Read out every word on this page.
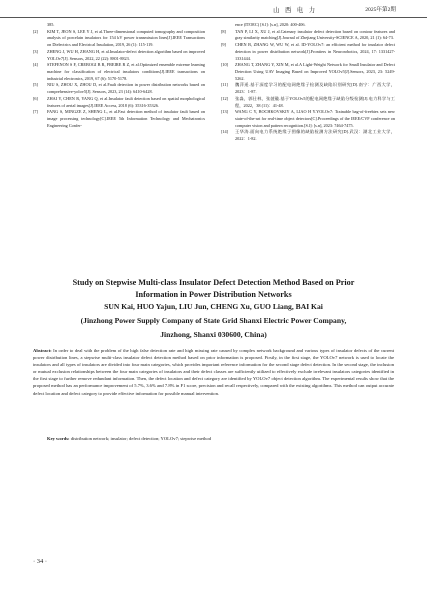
山 西 电 力	2025年第2期
385.
[2] KIM T, JEON S, LEE Y J, et al.Three-dimensional computed tomography and composition analysis of porcelain insulators for 154 kV power transmission lines[J].IEEE Transactions on Dielectrics and Electrical Insulation, 2019, 26 (1): 115-119.
[3] ZHENG J, WU H, ZHANG H, et al.Insulator-defect detection algorithm based on improved YOLOv7[J]. Sensors, 2022, 22 (22): 8801-8823.
[4] STEFENON S F, CREBOGI B R, FREIRE R Z, et al.Optimized ensemble extreme learning machine for classification of electrical insulators conditions[J].IEEE transactions on industrial electronics, 2019, 67 (6): 5170-5178.
[5] NIU S, ZHOU X, ZHOU D, et al.Fault detection in power distribution networks based on comprehensive-yolov5[J]. Sensors, 2023, 23 (14): 6410-6428.
[6] ZHAI Y, CHEN R, YANG Q, et al.Insulator fault detection based on spatial morphological features of aerial images[J].IEEE Access, 2018 (6): 35316-35326.
[7] FANG S, MINGZE Z, SHENG L, et al.Fast detection method of insulator fault based on image processing technology[C].IEEE 5th Information Technology and Mechatronics Engineering Confer-
ence (ITOEC) [S.l]: [s.n], 2020: 400-406.
[8] TAN P, LI X, XU J, et al.Catenary insulator defect detection based on contour features and gray similarity matching[J].Journal of Zhejiang University-SCIENCE A, 2020, 21 (1): 64-73.
[9] CHEN B, ZHANG W, WU W, et al. ID-YOLOv7: an efficient method for insulator defect detection in power distribution network[J].Frontiers in Neurorobotics, 2024, 17: 1331427-1331444.
[10] ZHANG T, ZHANG Y, XIN M, et al.A Light-Weight Network for Small Insulator and Defect Detection Using UAV Imaging Based on Improved YOLOv5[J].Sensors, 2023, 23: 5249-5262.
[11] 魏萍遥.基于深度学习的配电网绝缘子检测及缺陷识别研究[D].南宁：广西大学，2023：1-87.
[12] 张淼，郭仕林，张菠璇.基于YOLOv5的配电网绝缘子缺陷分级检测[J].电力科学与工程，2022，38 (11)：41-48.
[13] WANG C Y, BOCHKOVSKIY A, LIAO H Y.YOLOv7: Trainable bag-of-freebies sets new state-of-the-art for real-time object detectors[C].Proceedings of the IEEE/CVF conference on computer vision and pattern recognition.[S.l]: [s.n], 2023: 7464-7475.
[14] 王华涛.面向电力系统绝缘子图像的缺陷检测方法研究[D].武汉：湖北工业大学，2022：1-82.
Study on Stepwise Multi-class Insulator Defect Detection Method Based on Prior
Information in Power Distribution Networks
SUN Kai, HUO Yajun, LIU Jun, CHENG Xu, GUO Liang, BAI Kai
(Jinzhong Power Supply Company of State Grid Shanxi Electric Power Company,
Jinzhong, Shanxi 030600, China)
Abstract: In order to deal with the problem of the high false detection rate and high missing rate caused by complex network background and various types of insulator defects of the current power distribution lines, a stepwise multi-class insulator defect detection method based on prior information is proposed. Firstly, in the first stage, the YOLOv7 network is used to locate the insulators and all types of insulators are divided into four main categories, which provides important reference information for the second stage defect detection. In the second stage, the inclusion or mutual exclusion relationships between the four main categories of insulators and their defect classes are sufficiently utilized to effectively exclude irrelevant insulators categories identified in the first stage to further remove redundant information. Then, the defect location and defect category are identified by YOLOv7 object detection algorithm. The experimental results show that the proposed method has an performance improvement of 5.7%, 3.6% and 7.8% in F1 score, precision and recall respectively, compared with the existing algorithms. This method can output accurate defect location and defect category to provide effective information for possible manual intervention.
Key words: distribution network; insulator; defect detection; YOLOv7; stepwise method
· 34 ·
